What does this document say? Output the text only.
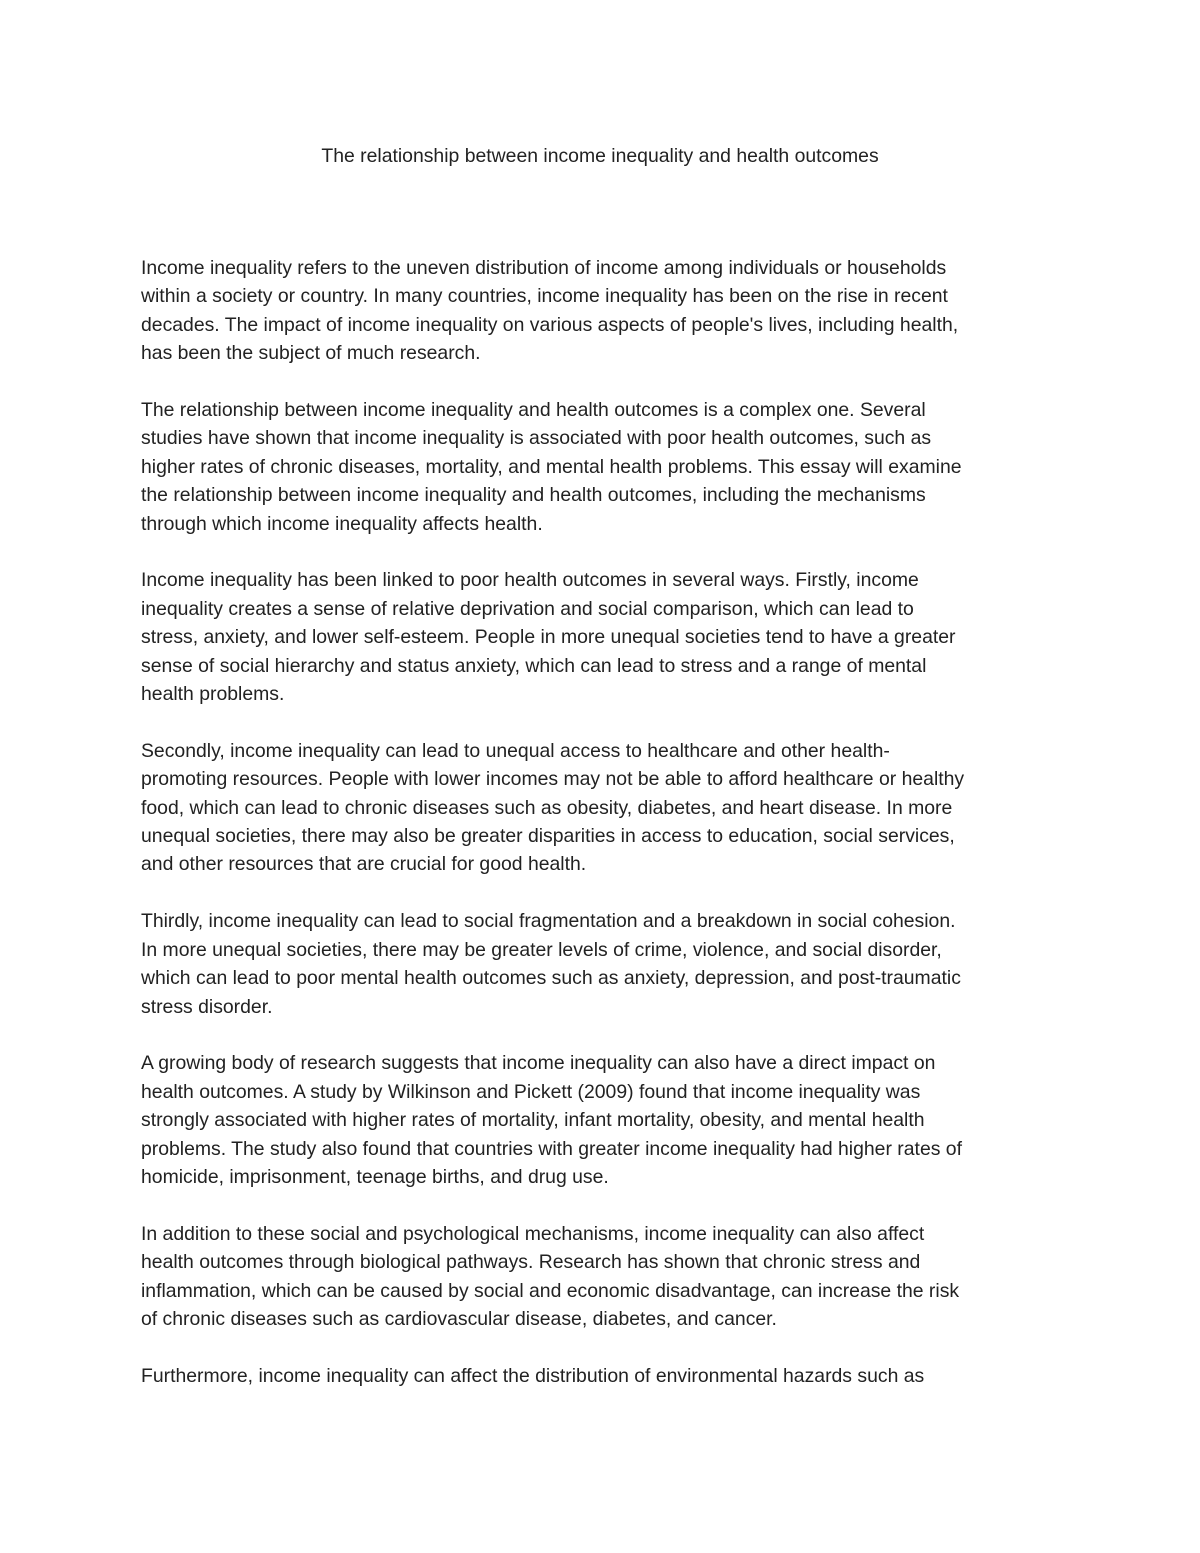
The relationship between income inequality and health outcomes

Income inequality refers to the uneven distribution of income among individuals or households
within a society or country. In many countries, income inequality has been on the rise in recent
decades. The impact of income inequality on various aspects of people's lives, including health,
has been the subject of much research.

The relationship between income inequality and health outcomes is a complex one. Several
studies have shown that income inequality is associated with poor health outcomes, such as
higher rates of chronic diseases, mortality, and mental health problems. This essay will examine
the relationship between income inequality and health outcomes, including the mechanisms
through which income inequality affects health.

Income inequality has been linked to poor health outcomes in several ways. Firstly, income
inequality creates a sense of relative deprivation and social comparison, which can lead to
stress, anxiety, and lower self-esteem. People in more unequal societies tend to have a greater
sense of social hierarchy and status anxiety, which can lead to stress and a range of mental
health problems.

Secondly, income inequality can lead to unequal access to healthcare and other health-
promoting resources. People with lower incomes may not be able to afford healthcare or healthy
food, which can lead to chronic diseases such as obesity, diabetes, and heart disease. In more
unequal societies, there may also be greater disparities in access to education, social services,
and other resources that are crucial for good health.

Thirdly, income inequality can lead to social fragmentation and a breakdown in social cohesion.
In more unequal societies, there may be greater levels of crime, violence, and social disorder,
which can lead to poor mental health outcomes such as anxiety, depression, and post-traumatic
stress disorder.

A growing body of research suggests that income inequality can also have a direct impact on
health outcomes. A study by Wilkinson and Pickett (2009) found that income inequality was
strongly associated with higher rates of mortality, infant mortality, obesity, and mental health
problems. The study also found that countries with greater income inequality had higher rates of
homicide, imprisonment, teenage births, and drug use.

In addition to these social and psychological mechanisms, income inequality can also affect
health outcomes through biological pathways. Research has shown that chronic stress and
inflammation, which can be caused by social and economic disadvantage, can increase the risk
of chronic diseases such as cardiovascular disease, diabetes, and cancer.

Furthermore, income inequality can affect the distribution of environmental hazards such as
